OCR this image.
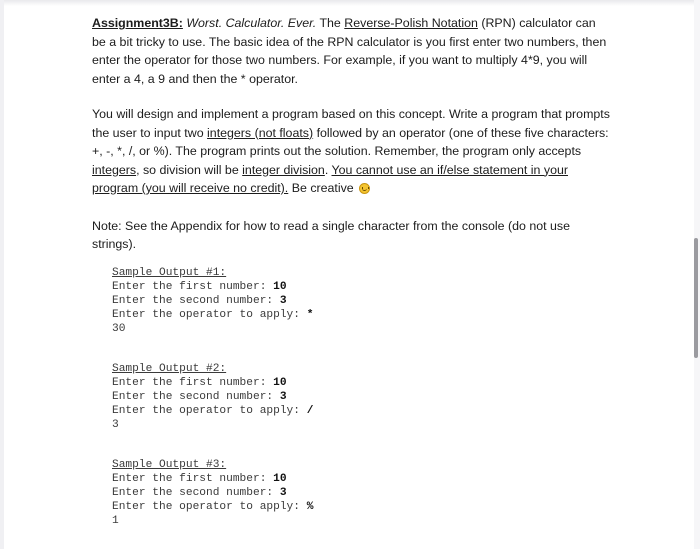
Assignment3B: Worst. Calculator. Ever. The Reverse-Polish Notation (RPN) calculator can be a bit tricky to use. The basic idea of the RPN calculator is you first enter two numbers, then enter the operator for those two numbers. For example, if you want to multiply 4*9, you will enter a 4, a 9 and then the * operator.

You will design and implement a program based on this concept. Write a program that prompts the user to input two integers (not floats) followed by an operator (one of these five characters: +, -, *, /, or %). The program prints out the solution. Remember, the program only accepts integers, so division will be integer division. You cannot use an if/else statement in your program (you will receive no credit). Be creative

Note: See the Appendix for how to read a single character from the console (do not use strings).

Sample Output #1:
Enter the first number: 10
Enter the second number: 3
Enter the operator to apply: *
30
Sample Output #2:
Enter the first number: 10
Enter the second number: 3
Enter the operator to apply: /
3
Sample Output #3:
Enter the first number: 10
Enter the second number: 3
Enter the operator to apply: %
1
